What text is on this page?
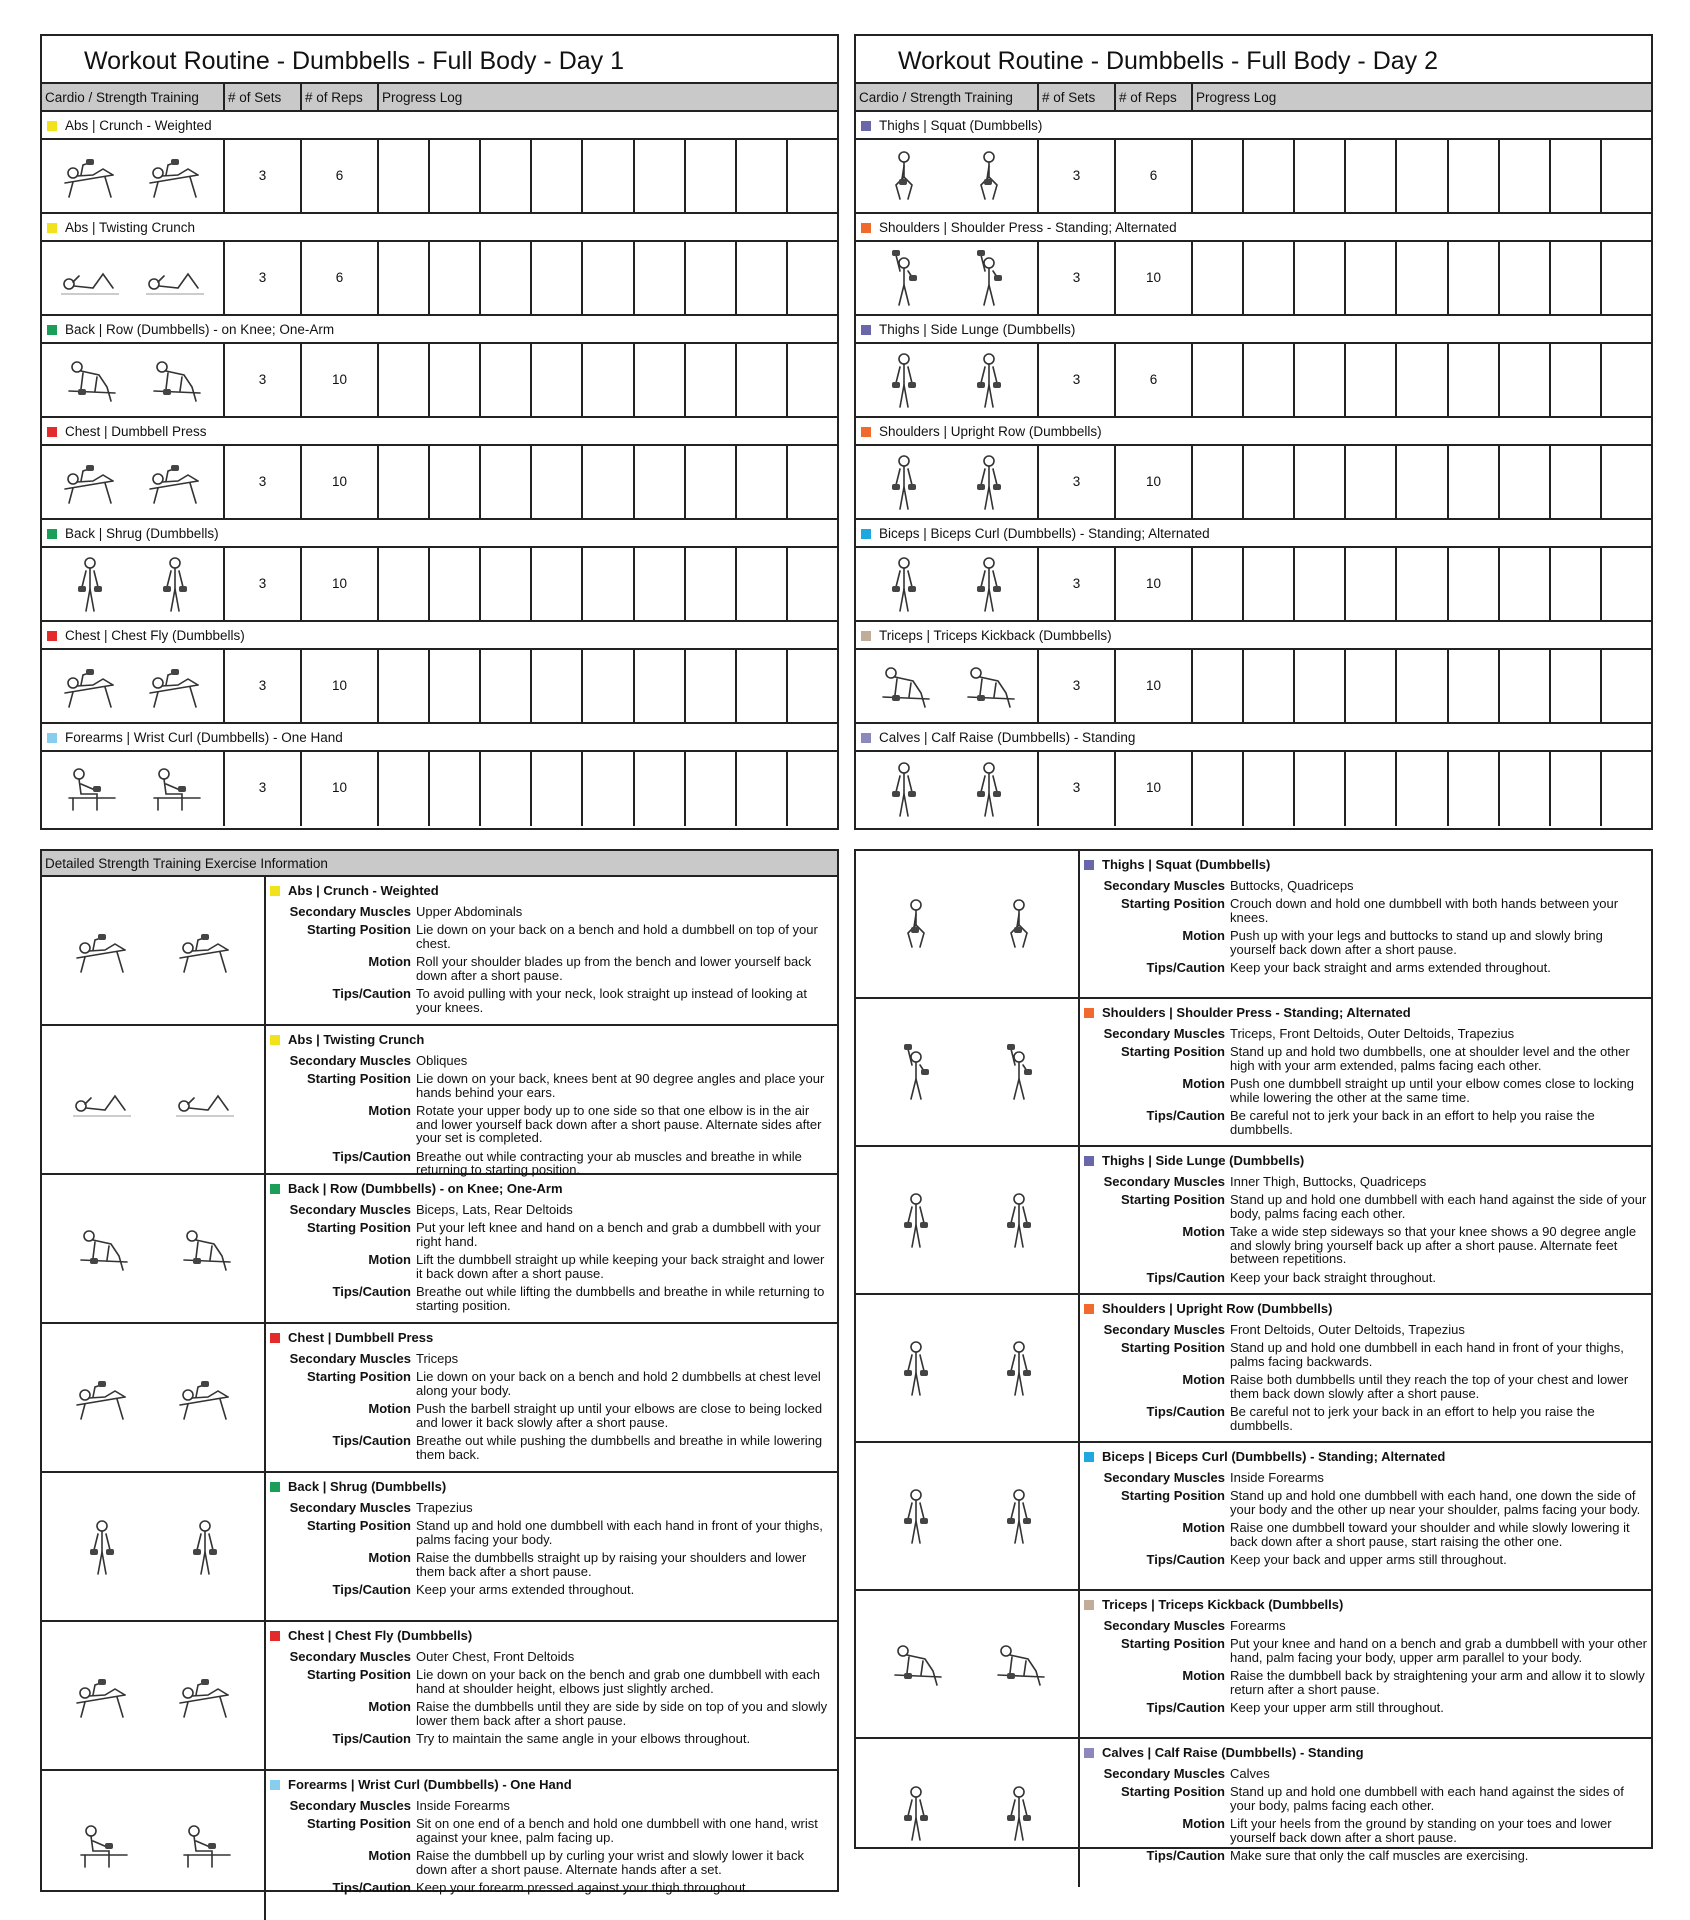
Workout Routine - Dumbbells - Full Body - Day 1
Cardio / Strength Training	# of Sets	# of Reps	Progress Log
Abs | Crunch - Weighted
3	6
Abs | Twisting Crunch
3	6
Back | Row (Dumbbells) - on Knee; One-Arm
3	10
Chest | Dumbbell Press
3	10
Back | Shrug (Dumbbells)
3	10
Chest | Chest Fly (Dumbbells)
3	10
Forearms | Wrist Curl (Dumbbells) - One Hand
3	10
Workout Routine - Dumbbells - Full Body - Day 2
Cardio / Strength Training	# of Sets	# of Reps	Progress Log
Thighs | Squat (Dumbbells)
3	6
Shoulders | Shoulder Press - Standing; Alternated
3	10
Thighs | Side Lunge (Dumbbells)
3	6
Shoulders | Upright Row (Dumbbells)
3	10
Biceps | Biceps Curl (Dumbbells) - Standing; Alternated
3	10
Triceps | Triceps Kickback (Dumbbells)
3	10
Calves | Calf Raise (Dumbbells) - Standing
3	10
Detailed Strength Training Exercise Information
Abs | Crunch - Weighted
Secondary Muscles Upper Abdominals
Starting Position Lie down on your back on a bench and hold a dumbbell on top of your chest.
Motion Roll your shoulder blades up from the bench and lower yourself back down after a short pause.
Tips/Caution To avoid pulling with your neck, look straight up instead of looking at your knees.
Abs | Twisting Crunch
Secondary Muscles Obliques
Starting Position Lie down on your back, knees bent at 90 degree angles and place your hands behind your ears.
Motion Rotate your upper body up to one side so that one elbow is in the air and lower yourself back down after a short pause. Alternate sides after your set is completed.
Tips/Caution Breathe out while contracting your ab muscles and breathe in while returning to starting position.
Back | Row (Dumbbells) - on Knee; One-Arm
Secondary Muscles Biceps, Lats, Rear Deltoids
Starting Position Put your left knee and hand on a bench and grab a dumbbell with your right hand.
Motion Lift the dumbbell straight up while keeping your back straight and lower it back down after a short pause.
Tips/Caution Breathe out while lifting the dumbbells and breathe in while returning to starting position.
Chest | Dumbbell Press
Secondary Muscles Triceps
Starting Position Lie down on your back on a bench and hold 2 dumbbells at chest level along your body.
Motion Push the barbell straight up until your elbows are close to being locked and lower it back slowly after a short pause.
Tips/Caution Breathe out while pushing the dumbbells and breathe in while lowering them back.
Back | Shrug (Dumbbells)
Secondary Muscles Trapezius
Starting Position Stand up and hold one dumbbell with each hand in front of your thighs, palms facing your body.
Motion Raise the dumbbells straight up by raising your shoulders and lower them back after a short pause.
Tips/Caution Keep your arms extended throughout.
Chest | Chest Fly (Dumbbells)
Secondary Muscles Outer Chest, Front Deltoids
Starting Position Lie down on your back on the bench and grab one dumbbell with each hand at shoulder height, elbows just slightly arched.
Motion Raise the dumbbells until they are side by side on top of you and slowly lower them back after a short pause.
Tips/Caution Try to maintain the same angle in your elbows throughout.
Forearms | Wrist Curl (Dumbbells) - One Hand
Secondary Muscles Inside Forearms
Starting Position Sit on one end of a bench and hold one dumbbell with one hand, wrist against your knee, palm facing up.
Motion Raise the dumbbell up by curling your wrist and slowly lower it back down after a short pause. Alternate hands after a set.
Tips/Caution Keep your forearm pressed against your thigh throughout.
Thighs | Squat (Dumbbells)
Secondary Muscles Buttocks, Quadriceps
Starting Position Crouch down and hold one dumbbell with both hands between your knees.
Motion Push up with your legs and buttocks to stand up and slowly bring yourself back down after a short pause.
Tips/Caution Keep your back straight and arms extended throughout.
Shoulders | Shoulder Press - Standing; Alternated
Secondary Muscles Triceps, Front Deltoids, Outer Deltoids, Trapezius
Starting Position Stand up and hold two dumbbells, one at shoulder level and the other high with your arm extended, palms facing each other.
Motion Push one dumbbell straight up until your elbow comes close to locking while lowering the other at the same time.
Tips/Caution Be careful not to jerk your back in an effort to help you raise the dumbbells.
Thighs | Side Lunge (Dumbbells)
Secondary Muscles Inner Thigh, Buttocks, Quadriceps
Starting Position Stand up and hold one dumbbell with each hand against the side of your body, palms facing each other.
Motion Take a wide step sideways so that your knee shows a 90 degree angle and slowly bring yourself back up after a short pause. Alternate feet between repetitions.
Tips/Caution Keep your back straight throughout.
Shoulders | Upright Row (Dumbbells)
Secondary Muscles Front Deltoids, Outer Deltoids, Trapezius
Starting Position Stand up and hold one dumbbell in each hand in front of your thighs, palms facing backwards.
Motion Raise both dumbbells until they reach the top of your chest and lower them back down slowly after a short pause.
Tips/Caution Be careful not to jerk your back in an effort to help you raise the dumbbells.
Biceps | Biceps Curl (Dumbbells) - Standing; Alternated
Secondary Muscles Inside Forearms
Starting Position Stand up and hold one dumbbell with each hand, one down the side of your body and the other up near your shoulder, palms facing your body.
Motion Raise one dumbbell toward your shoulder and while slowly lowering it back down after a short pause, start raising the other one.
Tips/Caution Keep your back and upper arms still throughout.
Triceps | Triceps Kickback (Dumbbells)
Secondary Muscles Forearms
Starting Position Put your knee and hand on a bench and grab a dumbbell with your other hand, palm facing your body, upper arm parallel to your body.
Motion Raise the dumbbell back by straightening your arm and allow it to slowly return after a short pause.
Tips/Caution Keep your upper arm still throughout.
Calves | Calf Raise (Dumbbells) - Standing
Secondary Muscles Calves
Starting Position Stand up and hold one dumbbell with each hand against the sides of your body, palms facing each other.
Motion Lift your heels from the ground by standing on your toes and lower yourself back down after a short pause.
Tips/Caution Make sure that only the calf muscles are exercising.
